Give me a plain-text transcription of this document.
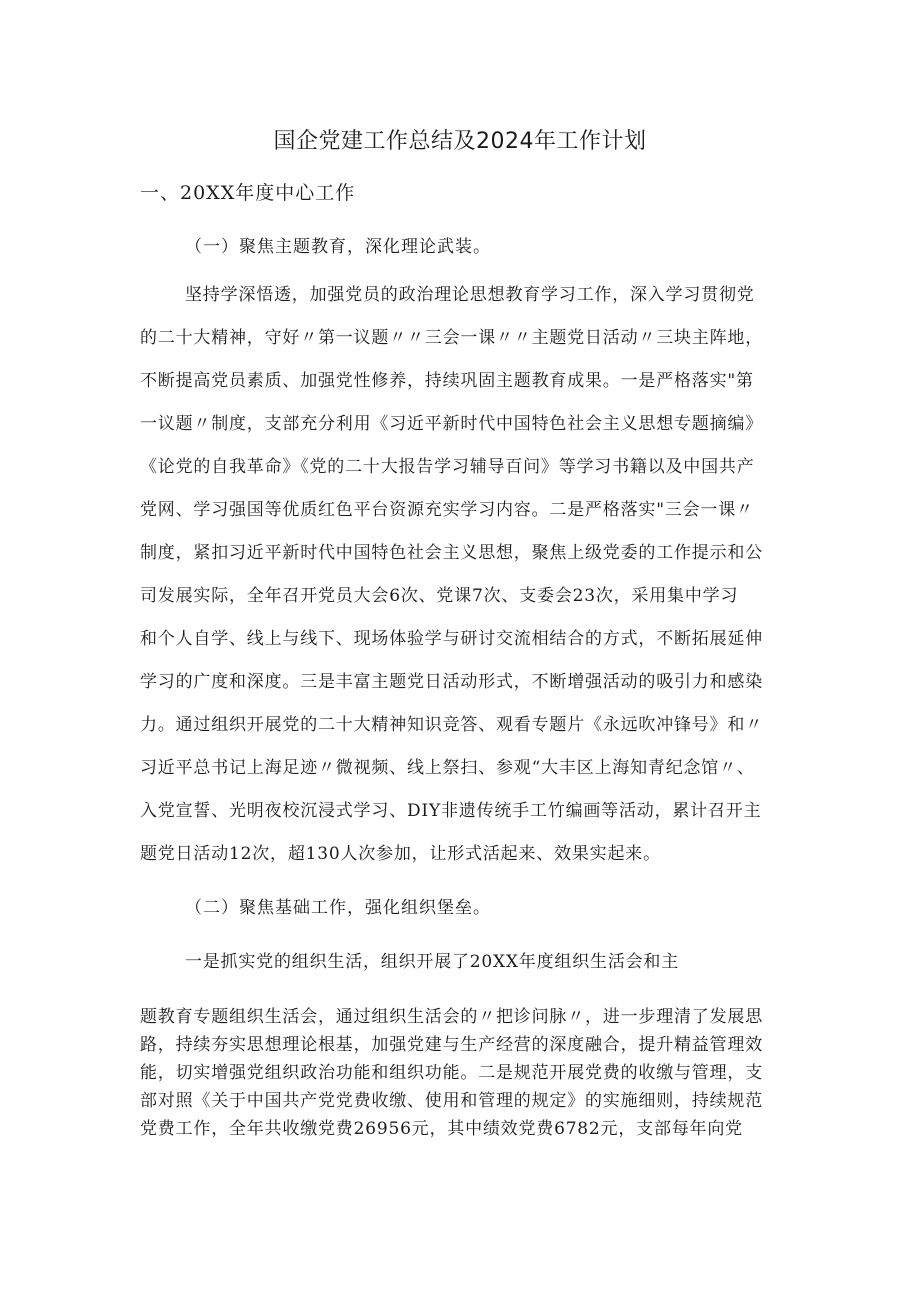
国企党建工作总结及2024年工作计划
一、20XX年度中心工作
（一）聚焦主题教育，深化理论武装。
坚持学深悟透，加强党员的政治理论思想教育学习工作，深入学习贯彻党
的二十大精神，守好〃第一议题〃〃三会一课〃〃主题党日活动〃三块主阵地，
不断提高党员素质、加强党性修养，持续巩固主题教育成果。一是严格落实"第
一议题〃制度，支部充分利用《习近平新时代中国特色社会主义思想专题摘编》
《论党的自我革命》《党的二十大报告学习辅导百问》等学习书籍以及中国共产
党网、学习强国等优质红色平台资源充实学习内容。二是严格落实"三会一课〃
制度，紧扣习近平新时代中国特色社会主义思想，聚焦上级党委的工作提示和公
司发展实际，全年召开党员大会6次、党课7次、支委会23次，采用集中学习
和个人自学、线上与线下、现场体验学与研讨交流相结合的方式，不断拓展延伸
学习的广度和深度。三是丰富主题党日活动形式，不断增强活动的吸引力和感染
力。通过组织开展党的二十大精神知识竞答、观看专题片《永远吹冲锋号》和〃
习近平总书记上海足迹〃微视频、线上祭扫、参观“大丰区上海知青纪念馆〃、
入党宣誓、光明夜校沉浸式学习、DIY非遗传统手工竹编画等活动，累计召开主
题党日活动12次，超130人次参加，让形式活起来、效果实起来。
（二）聚焦基础工作，强化组织堡垒。
一是抓实党的组织生活，组织开展了20XX年度组织生活会和主
题教育专题组织生活会，通过组织生活会的〃把诊问脉〃，进一步理清了发展思
路，持续夯实思想理论根基，加强党建与生产经营的深度融合，提升精益管理效
能，切实增强党组织政治功能和组织功能。二是规范开展党费的收缴与管理，支
部对照《关于中国共产党党费收缴、使用和管理的规定》的实施细则，持续规范
党费工作，全年共收缴党费26956元，其中绩效党费6782元，支部每年向党
